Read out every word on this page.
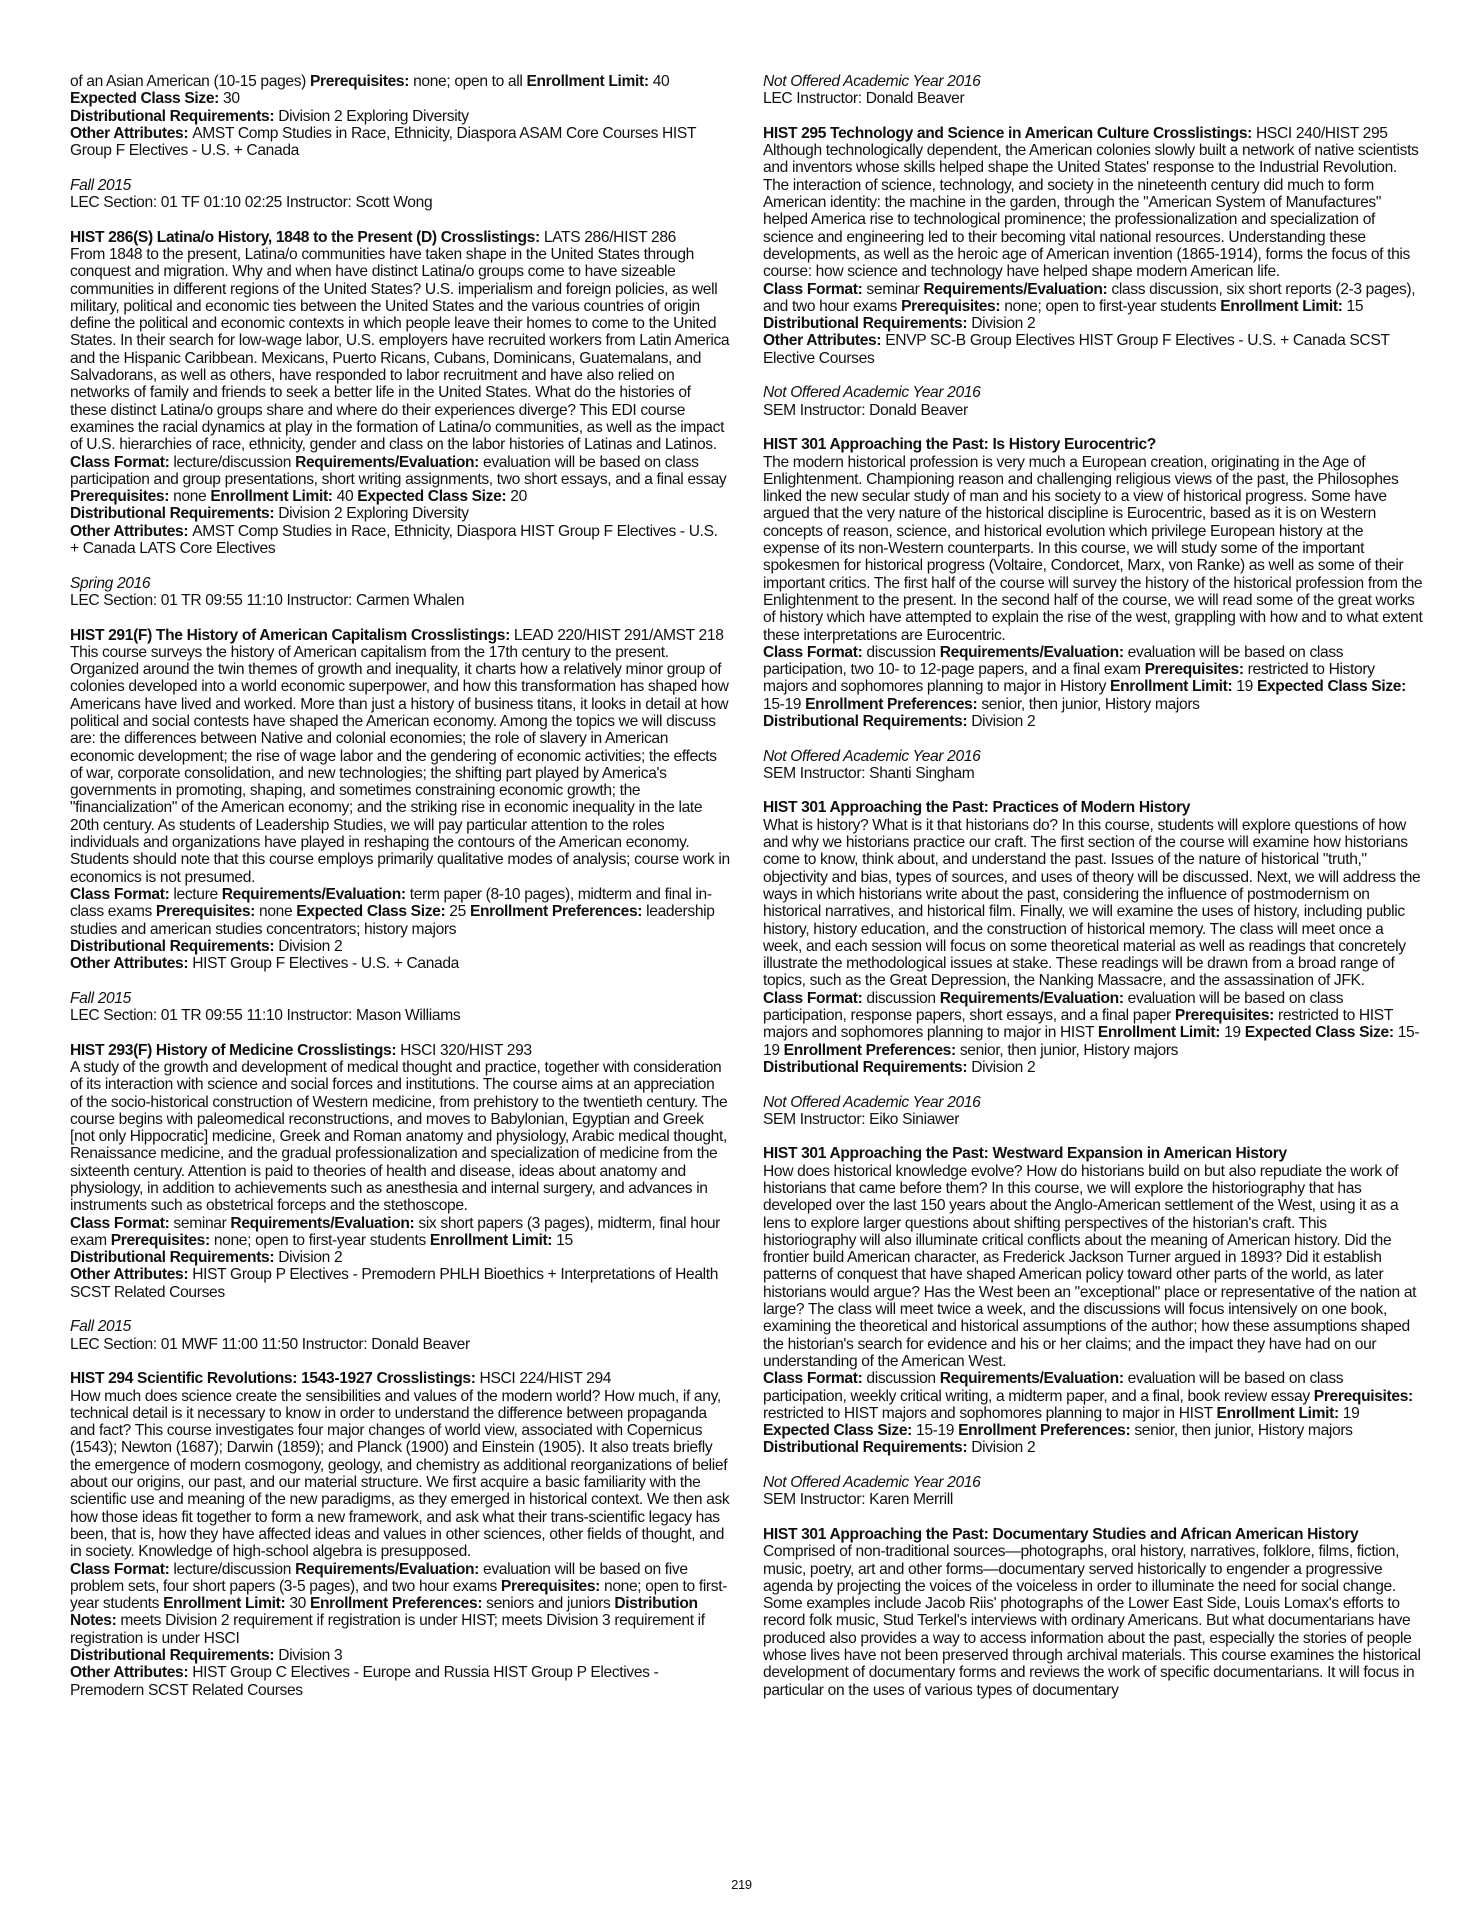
of an Asian American (10-15 pages) Prerequisites: none; open to all Enrollment Limit: 40
Expected Class Size: 30
Distributional Requirements: Division 2 Exploring Diversity
Other Attributes: AMST Comp Studies in Race, Ethnicity, Diaspora ASAM Core Courses HIST Group F Electives - U.S. + Canada
Fall 2015
LEC Section: 01 TF 01:10 02:25 Instructor: Scott Wong
HIST 286(S) Latina/o History, 1848 to the Present (D) Crosslistings: LATS 286/HIST 286
From 1848 to the present, Latina/o communities have taken shape in the United States through conquest and migration. Why and when have distinct Latina/o groups come to have sizeable communities in different regions of the United States? U.S. imperialism and foreign policies, as well military, political and economic ties between the United States and the various countries of origin define the political and economic contexts in which people leave their homes to come to the United States. In their search for low-wage labor, U.S. employers have recruited workers from Latin America and the Hispanic Caribbean. Mexicans, Puerto Ricans, Cubans, Dominicans, Guatemalans, and Salvadorans, as well as others, have responded to labor recruitment and have also relied on networks of family and friends to seek a better life in the United States. What do the histories of these distinct Latina/o groups share and where do their experiences diverge? This EDI course examines the racial dynamics at play in the formation of Latina/o communities, as well as the impact of U.S. hierarchies of race, ethnicity, gender and class on the labor histories of Latinas and Latinos.
Class Format: lecture/discussion Requirements/Evaluation: evaluation will be based on class participation and group presentations, short writing assignments, two short essays, and a final essay Prerequisites: none Enrollment Limit: 40 Expected Class Size: 20
Distributional Requirements: Division 2 Exploring Diversity
Other Attributes: AMST Comp Studies in Race, Ethnicity, Diaspora HIST Group F Electives - U.S. + Canada LATS Core Electives
Spring 2016
LEC Section: 01 TR 09:55 11:10 Instructor: Carmen Whalen
HIST 291(F) The History of American Capitalism Crosslistings: LEAD 220/HIST 291/AMST 218
This course surveys the history of American capitalism from the 17th century to the present. Organized around the twin themes of growth and inequality, it charts how a relatively minor group of colonies developed into a world economic superpower, and how this transformation has shaped how Americans have lived and worked. More than just a history of business titans, it looks in detail at how political and social contests have shaped the American economy. Among the topics we will discuss are: the differences between Native and colonial economies; the role of slavery in American economic development; the rise of wage labor and the gendering of economic activities; the effects of war, corporate consolidation, and new technologies; the shifting part played by America's governments in promoting, shaping, and sometimes constraining economic growth; the "financialization" of the American economy; and the striking rise in economic inequality in the late 20th century. As students of Leadership Studies, we will pay particular attention to the roles individuals and organizations have played in reshaping the contours of the American economy. Students should note that this course employs primarily qualitative modes of analysis; course work in economics is not presumed.
Class Format: lecture Requirements/Evaluation: term paper (8-10 pages), midterm and final in-class exams Prerequisites: none Expected Class Size: 25 Enrollment Preferences: leadership studies and american studies concentrators; history majors
Distributional Requirements: Division 2
Other Attributes: HIST Group F Electives - U.S. + Canada
Fall 2015
LEC Section: 01 TR 09:55 11:10 Instructor: Mason Williams
HIST 293(F) History of Medicine Crosslistings: HSCI 320/HIST 293
A study of the growth and development of medical thought and practice, together with consideration of its interaction with science and social forces and institutions. The course aims at an appreciation of the socio-historical construction of Western medicine, from prehistory to the twentieth century. The course begins with paleomedical reconstructions, and moves to Babylonian, Egyptian and Greek [not only Hippocratic] medicine, Greek and Roman anatomy and physiology, Arabic medical thought, Renaissance medicine, and the gradual professionalization and specialization of medicine from the sixteenth century. Attention is paid to theories of health and disease, ideas about anatomy and physiology, in addition to achievements such as anesthesia and internal surgery, and advances in instruments such as obstetrical forceps and the stethoscope.
Class Format: seminar Requirements/Evaluation: six short papers (3 pages), midterm, final hour exam Prerequisites: none; open to first-year students Enrollment Limit: 15
Distributional Requirements: Division 2
Other Attributes: HIST Group P Electives - Premodern PHLH Bioethics + Interpretations of Health SCST Related Courses
Fall 2015
LEC Section: 01 MWF 11:00 11:50 Instructor: Donald Beaver
HIST 294 Scientific Revolutions: 1543-1927 Crosslistings: HSCI 224/HIST 294
How much does science create the sensibilities and values of the modern world? How much, if any, technical detail is it necessary to know in order to understand the difference between propaganda and fact? This course investigates four major changes of world view, associated with Copernicus (1543); Newton (1687); Darwin (1859); and Planck (1900) and Einstein (1905). It also treats briefly the emergence of modern cosmogony, geology, and chemistry as additional reorganizations of belief about our origins, our past, and our material structure. We first acquire a basic familiarity with the scientific use and meaning of the new paradigms, as they emerged in historical context. We then ask how those ideas fit together to form a new framework, and ask what their trans-scientific legacy has been, that is, how they have affected ideas and values in other sciences, other fields of thought, and in society. Knowledge of high-school algebra is presupposed.
Class Format: lecture/discussion Requirements/Evaluation: evaluation will be based on five problem sets, four short papers (3-5 pages), and two hour exams Prerequisites: none; open to first-year students Enrollment Limit: 30 Enrollment Preferences: seniors and juniors Distribution Notes: meets Division 2 requirement if registration is under HIST; meets Division 3 requirement if registration is under HSCI
Distributional Requirements: Division 3
Other Attributes: HIST Group C Electives - Europe and Russia HIST Group P Electives - Premodern SCST Related Courses
Not Offered Academic Year 2016
LEC Instructor: Donald Beaver
HIST 295 Technology and Science in American Culture Crosslistings: HSCI 240/HIST 295
Although technologically dependent, the American colonies slowly built a network of native scientists and inventors whose skills helped shape the United States' response to the Industrial Revolution. The interaction of science, technology, and society in the nineteenth century did much to form American identity: the machine in the garden, through the "American System of Manufactures" helped America rise to technological prominence; the professionalization and specialization of science and engineering led to their becoming vital national resources. Understanding these developments, as well as the heroic age of American invention (1865-1914), forms the focus of this course: how science and technology have helped shape modern American life.
Class Format: seminar Requirements/Evaluation: class discussion, six short reports (2-3 pages), and two hour exams Prerequisites: none; open to first-year students Enrollment Limit: 15
Distributional Requirements: Division 2
Other Attributes: ENVP SC-B Group Electives HIST Group F Electives - U.S. + Canada SCST Elective Courses
Not Offered Academic Year 2016
SEM Instructor: Donald Beaver
HIST 301 Approaching the Past: Is History Eurocentric?
The modern historical profession is very much a European creation, originating in the Age of Enlightenment. Championing reason and challenging religious views of the past, the Philosophes linked the new secular study of man and his society to a view of historical progress. Some have argued that the very nature of the historical discipline is Eurocentric, based as it is on Western concepts of reason, science, and historical evolution which privilege European history at the expense of its non-Western counterparts. In this course, we will study some of the important spokesmen for historical progress (Voltaire, Condorcet, Marx, von Ranke) as well as some of their important critics. The first half of the course will survey the history of the historical profession from the Enlightenment to the present. In the second half of the course, we will read some of the great works of history which have attempted to explain the rise of the west, grappling with how and to what extent these interpretations are Eurocentric.
Class Format: discussion Requirements/Evaluation: evaluation will be based on class participation, two 10- to 12-page papers, and a final exam Prerequisites: restricted to History majors and sophomores planning to major in History Enrollment Limit: 19 Expected Class Size: 15-19 Enrollment Preferences: senior, then junior, History majors
Distributional Requirements: Division 2
Not Offered Academic Year 2016
SEM Instructor: Shanti Singham
HIST 301 Approaching the Past: Practices of Modern History
What is history? What is it that historians do? In this course, students will explore questions of how and why we historians practice our craft. The first section of the course will examine how historians come to know, think about, and understand the past. Issues of the nature of historical "truth," objectivity and bias, types of sources, and uses of theory will be discussed. Next, we will address the ways in which historians write about the past, considering the influence of postmodernism on historical narratives, and historical film. Finally, we will examine the uses of history, including public history, history education, and the construction of historical memory. The class will meet once a week, and each session will focus on some theoretical material as well as readings that concretely illustrate the methodological issues at stake. These readings will be drawn from a broad range of topics, such as the Great Depression, the Nanking Massacre, and the assassination of JFK.
Class Format: discussion Requirements/Evaluation: evaluation will be based on class participation, response papers, short essays, and a final paper Prerequisites: restricted to HIST majors and sophomores planning to major in HIST Enrollment Limit: 19 Expected Class Size: 15-19 Enrollment Preferences: senior, then junior, History majors
Distributional Requirements: Division 2
Not Offered Academic Year 2016
SEM Instructor: Eiko Siniawer
HIST 301 Approaching the Past: Westward Expansion in American History
How does historical knowledge evolve? How do historians build on but also repudiate the work of historians that came before them? In this course, we will explore the historiography that has developed over the last 150 years about the Anglo-American settlement of the West, using it as a lens to explore larger questions about shifting perspectives of the historian's craft. This historiography will also illuminate critical conflicts about the meaning of American history. Did the frontier build American character, as Frederick Jackson Turner argued in 1893? Did it establish patterns of conquest that have shaped American policy toward other parts of the world, as later historians would argue? Has the West been an "exceptional" place or representative of the nation at large? The class will meet twice a week, and the discussions will focus intensively on one book, examining the theoretical and historical assumptions of the author; how these assumptions shaped the historian's search for evidence and his or her claims; and the impact they have had on our understanding of the American West.
Class Format: discussion Requirements/Evaluation: evaluation will be based on class participation, weekly critical writing, a midterm paper, and a final, book review essay Prerequisites: restricted to HIST majors and sophomores planning to major in HIST Enrollment Limit: 19 Expected Class Size: 15-19 Enrollment Preferences: senior, then junior, History majors
Distributional Requirements: Division 2
Not Offered Academic Year 2016
SEM Instructor: Karen Merrill
HIST 301 Approaching the Past: Documentary Studies and African American History
Comprised of non-traditional sources—photographs, oral history, narratives, folklore, films, fiction, music, poetry, art and other forms—documentary served historically to engender a progressive agenda by projecting the voices of the voiceless in order to illuminate the need for social change. Some examples include Jacob Riis' photographs of the Lower East Side, Louis Lomax's efforts to record folk music, Stud Terkel's interviews with ordinary Americans. But what documentarians have produced also provides a way to access information about the past, especially the stories of people whose lives have not been preserved through archival materials. This course examines the historical development of documentary forms and reviews the work of specific documentarians. It will focus in particular on the uses of various types of documentary
219
